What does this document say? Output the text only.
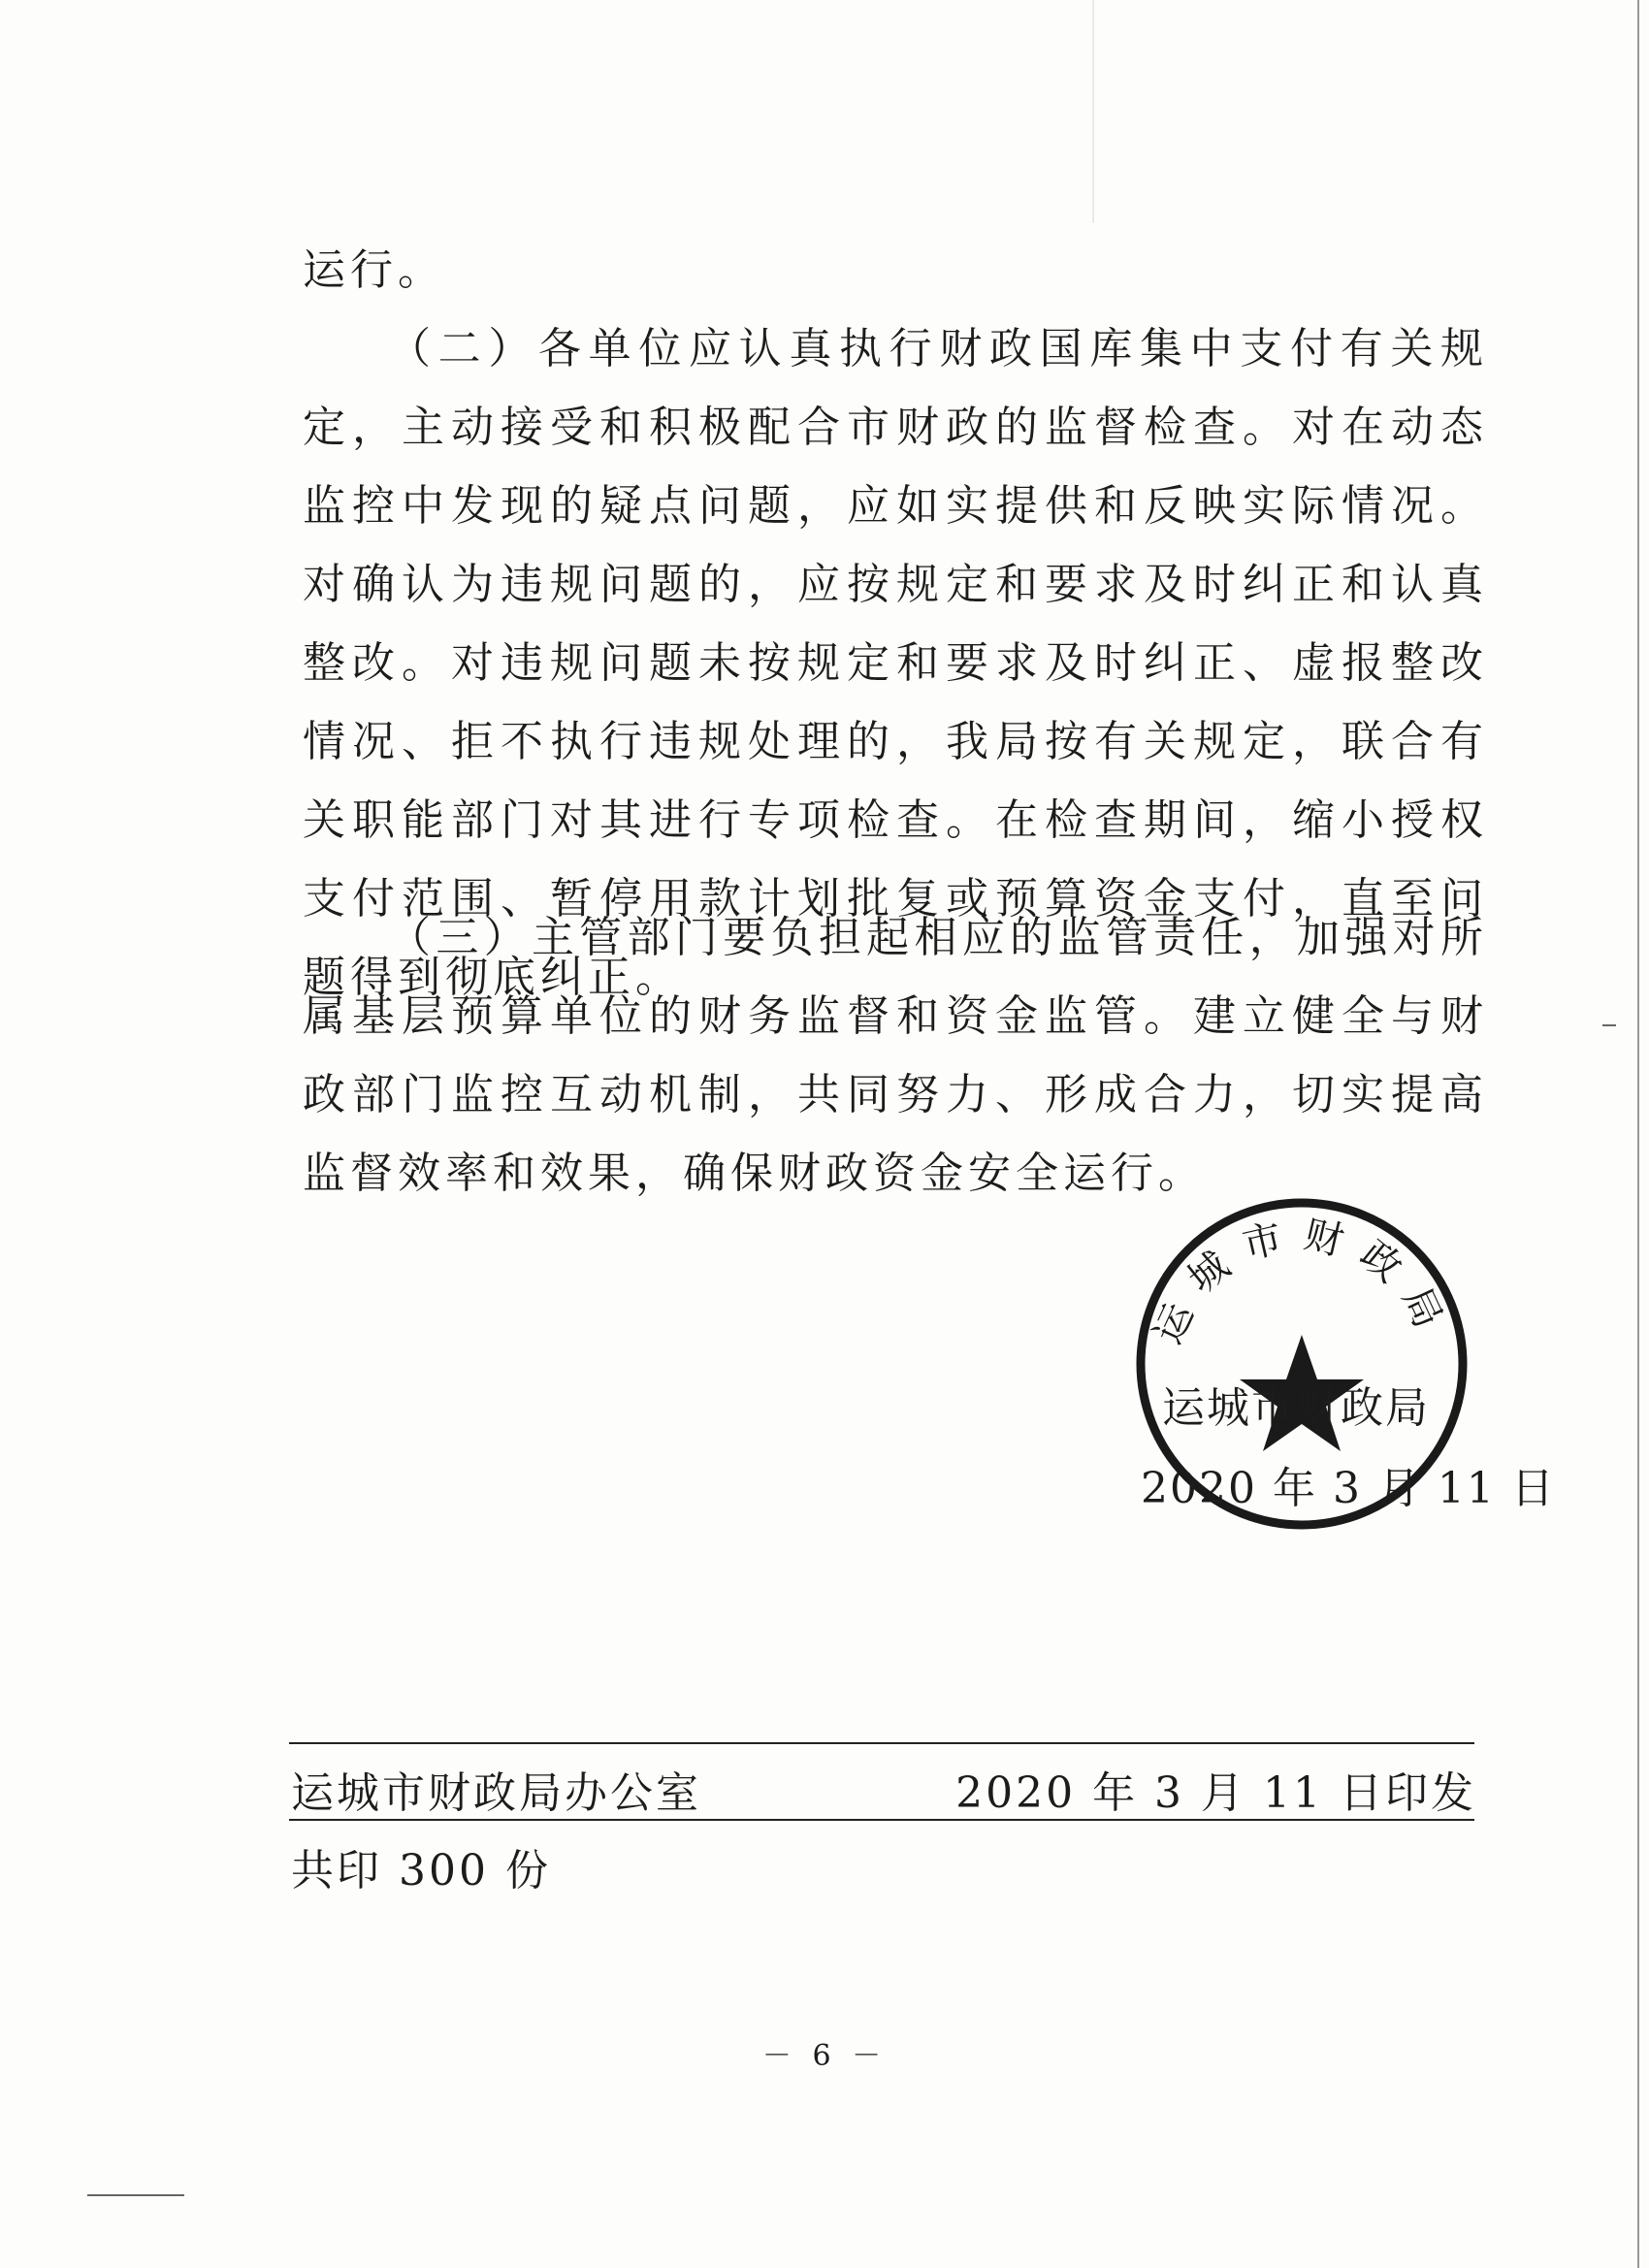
运行。

（二）各单位应认真执行财政国库集中支付有关规定，主动接受和积极配合市财政的监督检查。对在动态监控中发现的疑点问题，应如实提供和反映实际情况。对确认为违规问题的，应按规定和要求及时纠正和认真整改。对违规问题未按规定和要求及时纠正、虚报整改情况、拒不执行违规处理的，我局按有关规定，联合有关职能部门对其进行专项检查。在检查期间，缩小授权支付范围、暂停用款计划批复或预算资金支付，直至问题得到彻底纠正。

（三）主管部门要负担起相应的监管责任，加强对所属基层预算单位的财务监督和资金监管。建立健全与财政部门监控互动机制，共同努力、形成合力，切实提高监督效率和效果，确保财政资金安全运行。

运城市财政局
运城市财政局
2020 年 3 月 11 日
运城市财政局办公室	2020 年 3 月 11 日印发
共印 300 份
－ 6 －
